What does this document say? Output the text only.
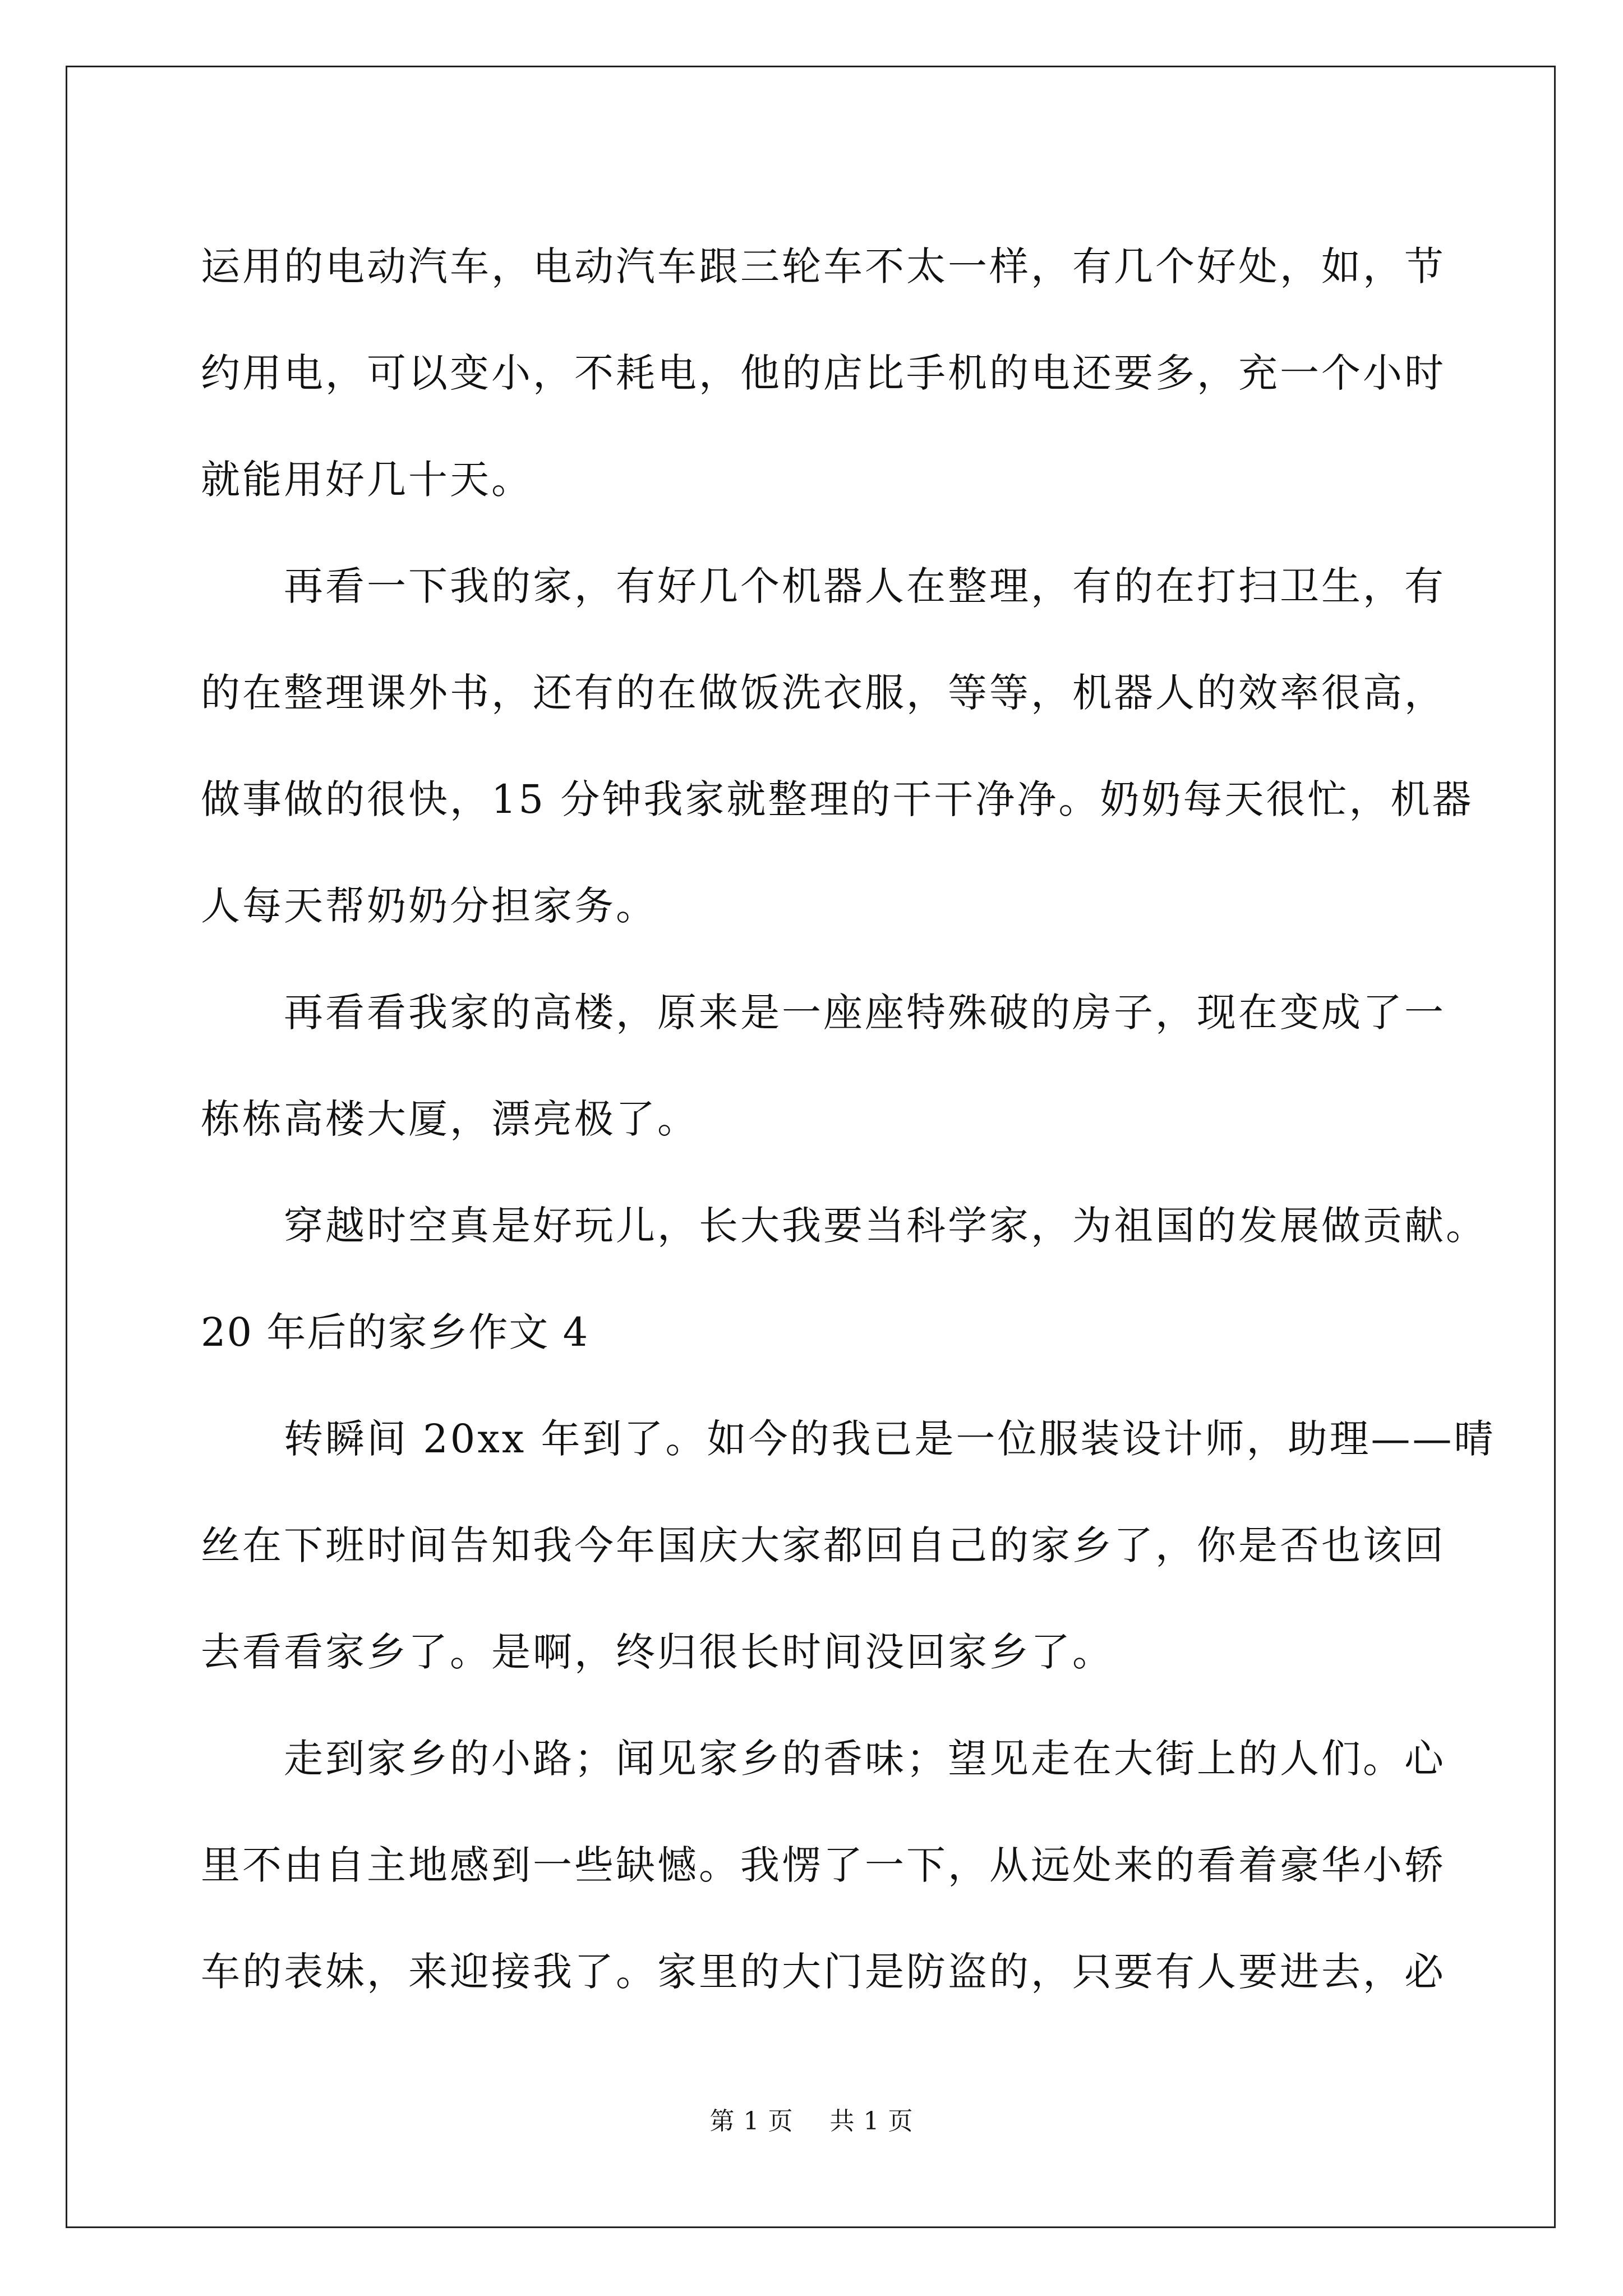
运用的电动汽车，电动汽车跟三轮车不太一样，有几个好处，如，节
约用电，可以变小，不耗电，他的店比手机的电还要多，充一个小时
就能用好几十天。
再看一下我的家，有好几个机器人在整理，有的在打扫卫生，有
的在整理课外书，还有的在做饭洗衣服，等等，机器人的效率很高，
做事做的很快，15 分钟我家就整理的干干净净。奶奶每天很忙，机器
人每天帮奶奶分担家务。
再看看我家的高楼，原来是一座座特殊破的房子，现在变成了一
栋栋高楼大厦，漂亮极了。
穿越时空真是好玩儿，长大我要当科学家，为祖国的发展做贡献。
20 年后的家乡作文 4
转瞬间 20xx 年到了。如今的我已是一位服装设计师，助理——晴
丝在下班时间告知我今年国庆大家都回自己的家乡了，你是否也该回
去看看家乡了。是啊，终归很长时间没回家乡了。
走到家乡的小路；闻见家乡的香味；望见走在大街上的人们。心
里不由自主地感到一些缺憾。我愣了一下，从远处来的看着豪华小轿
车的表妹，来迎接我了。家里的大门是防盗的，只要有人要进去，必
第 1 页 共 1 页
